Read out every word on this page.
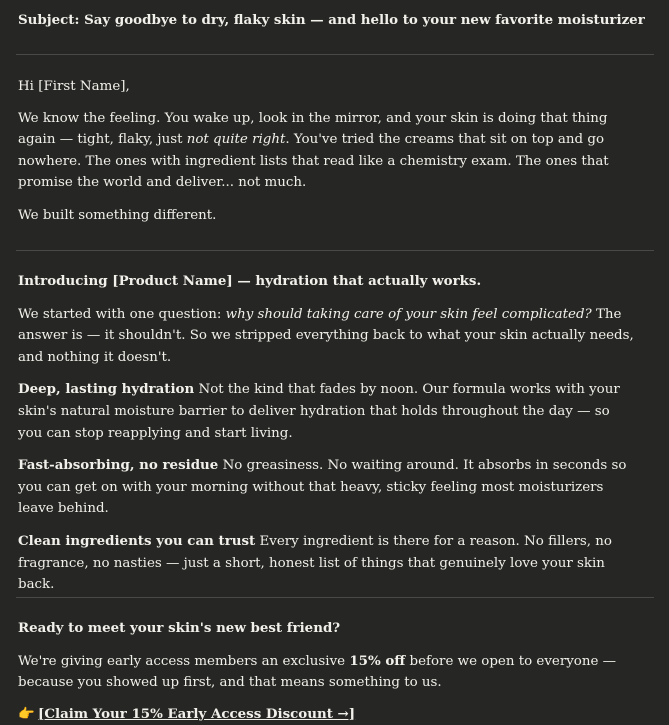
Subject: Say goodbye to dry, flaky skin — and hello to your new favorite moisturizer

Hi [First Name],

We know the feeling. You wake up, look in the mirror, and your skin is doing that thing again — tight, flaky, just not quite right. You've tried the creams that sit on top and go nowhere. The ones with ingredient lists that read like a chemistry exam. The ones that promise the world and deliver... not much.

We built something different.

Introducing [Product Name] — hydration that actually works.

We started with one question: why should taking care of your skin feel complicated? The answer is — it shouldn't. So we stripped everything back to what your skin actually needs, and nothing it doesn't.

Deep, lasting hydration Not the kind that fades by noon. Our formula works with your skin's natural moisture barrier to deliver hydration that holds throughout the day — so you can stop reapplying and start living.

Fast-absorbing, no residue No greasiness. No waiting around. It absorbs in seconds so you can get on with your morning without that heavy, sticky feeling most moisturizers leave behind.

Clean ingredients you can trust Every ingredient is there for a reason. No fillers, no fragrance, no nasties — just a short, honest list of things that genuinely love your skin back.

Ready to meet your skin's new best friend?

We're giving early access members an exclusive 15% off before we open to everyone — because you showed up first, and that means something to us.

👉 [Claim Your 15% Early Access Discount →]
